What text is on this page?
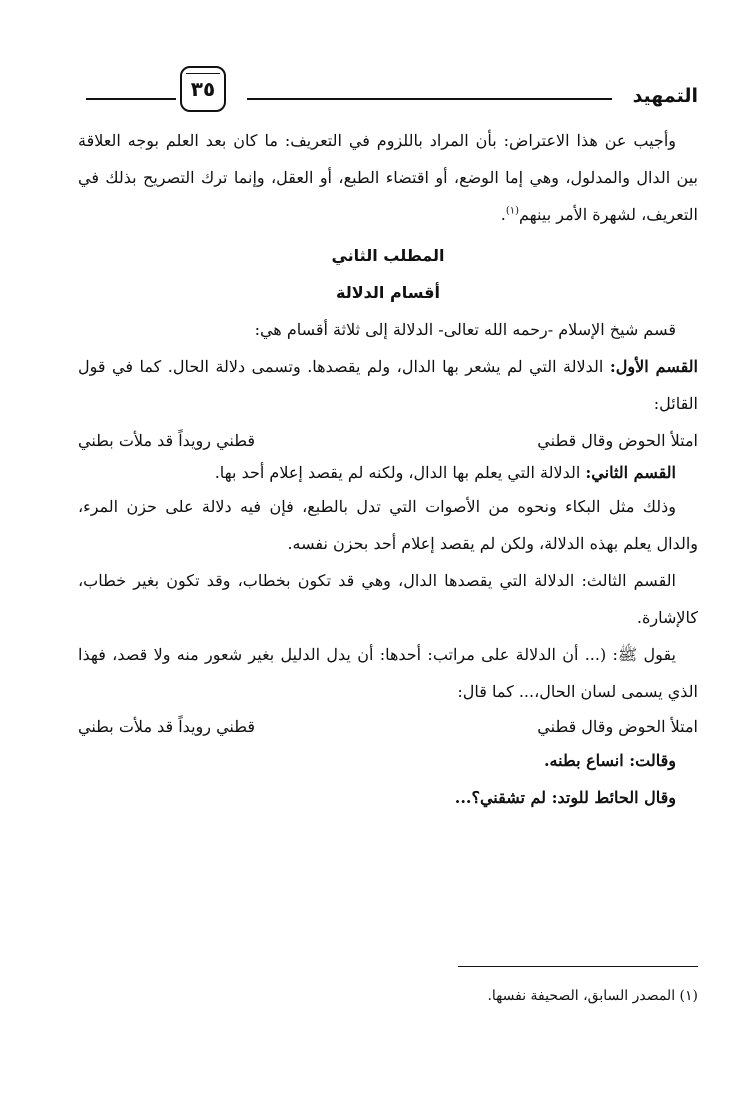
التمهيد
٣٥

وأجيب عن هذا الاعتراض: بأن المراد باللزوم في التعريف: ما كان بعد العلم بوجه العلاقة بين الدال والمدلول، وهي إما الوضع، أو اقتضاء الطبع، أو العقل، وإنما ترك التصريح بذلك في التعريف، لشهرة الأمر بينهم$^{(١)}$.

المطلب الثاني

أقسام الدلالة

قسم شيخ الإسلام -رحمه الله تعالى- الدلالة إلى ثلاثة أقسام هي:

القسم الأول: الدلالة التي لم يشعر بها الدال، ولم يقصدها. وتسمى دلالة الحال. كما في قول القائل:

امتلأ الحوض وقال قطني
قطني رويداً قد ملأت بطني

القسم الثاني: الدلالة التي يعلم بها الدال، ولكنه لم يقصد إعلام أحد بها.

وذلك مثل البكاء ونحوه من الأصوات التي تدل بالطبع، فإن فيه دلالة على حزن المرء، والدال يعلم بهذه الدلالة، ولكن لم يقصد إعلام أحد بحزن نفسه.

القسم الثالث: الدلالة التي يقصدها الدال، وهي قد تكون بخطاب، وقد تكون بغير خطاب، كالإشارة.

يقول ﷺ: (... أن الدلالة على مراتب: أحدها: أن يدل الدليل بغير شعور منه ولا قصد، فهذا الذي يسمى لسان الحال،... كما قال:

امتلأ الحوض وقال قطني
قطني رويداً قد ملأت بطني

وقالت: انساع بطنه.

وقال الحائط للوتد: لم تشقني؟...

(١) المصدر السابق، الصحيفة نفسها.
